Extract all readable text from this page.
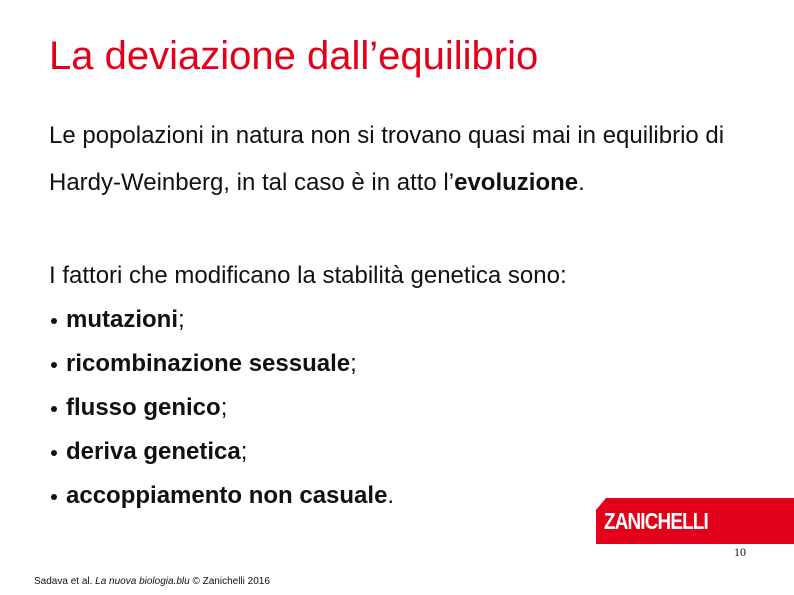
La deviazione dall’equilibrio

Le popolazioni in natura non si trovano quasi mai in equilibrio di Hardy-Weinberg, in tal caso è in atto l’evoluzione.

I fattori che modificano la stabilità genetica sono:

mutazioni;
ricombinazione sessuale;
flusso genico;
deriva genetica;
accoppiamento non casuale.
ZANICHELLI
10
Sadava et al. La nuova biologia.blu © Zanichelli 2016
